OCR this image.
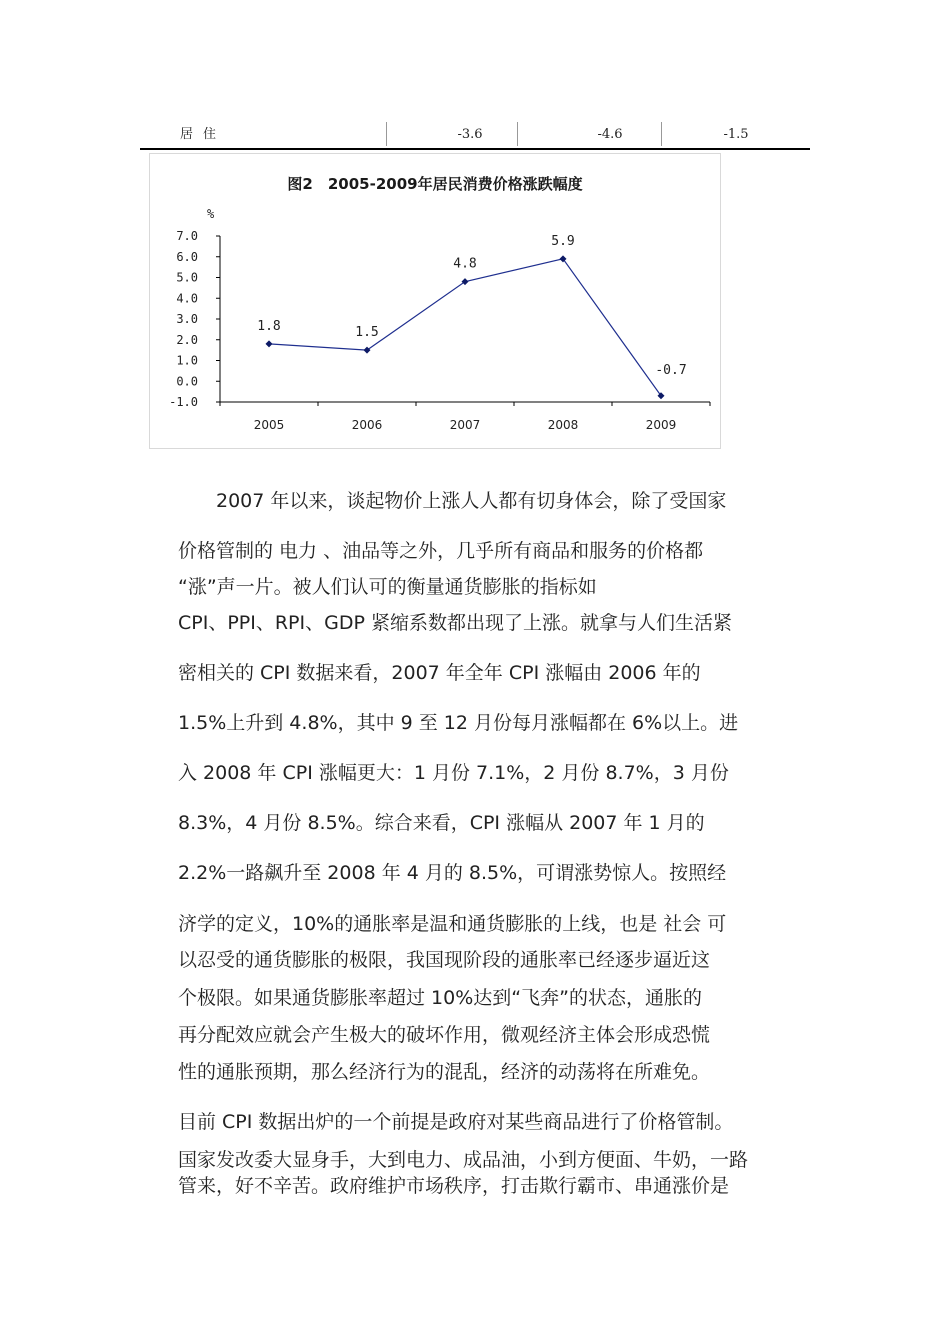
居住	-3.6	-4.6	-1.5
图2　2005-2009年居民消费价格涨跌幅度
%
7.0
6.0
5.0
4.0
3.0
2.0
1.0
0.0
-1.0
2005	2006	2007	2008	2009
1.8	1.5
4.8
5.9
-0.7

　　2007 年以来，谈起物价上涨人人都有切身体会，除了受国家

价格管制的 电力 、油品等之外，几乎所有商品和服务的价格都

“涨”声一片。被人们认可的衡量通货膨胀的指标如

CPI、PPI、RPI、GDP 紧缩系数都出现了上涨。就拿与人们生活紧

密相关的 CPI 数据来看，2007 年全年 CPI 涨幅由 2006 年的

1.5%上升到 4.8%，其中 9 至 12 月份每月涨幅都在 6%以上。进

入 2008 年 CPI 涨幅更大：1 月份 7.1%，2 月份 8.7%，3 月份

8.3%，4 月份 8.5%。综合来看，CPI 涨幅从 2007 年 1 月的

2.2%一路飙升至 2008 年 4 月的 8.5%，可谓涨势惊人。按照经

济学的定义，10%的通胀率是温和通货膨胀的上线，也是 社会 可

以忍受的通货膨胀的极限，我国现阶段的通胀率已经逐步逼近这

个极限。如果通货膨胀率超过 10%达到“飞奔”的状态，通胀的

再分配效应就会产生极大的破坏作用，微观经济主体会形成恐慌

性的通胀预期，那么经济行为的混乱，经济的动荡将在所难免。

目前 CPI 数据出炉的一个前提是政府对某些商品进行了价格管制。

国家发改委大显身手，大到电力、成品油，小到方便面、牛奶，一路

管来，好不辛苦。政府维护市场秩序，打击欺行霸市、串通涨价是
